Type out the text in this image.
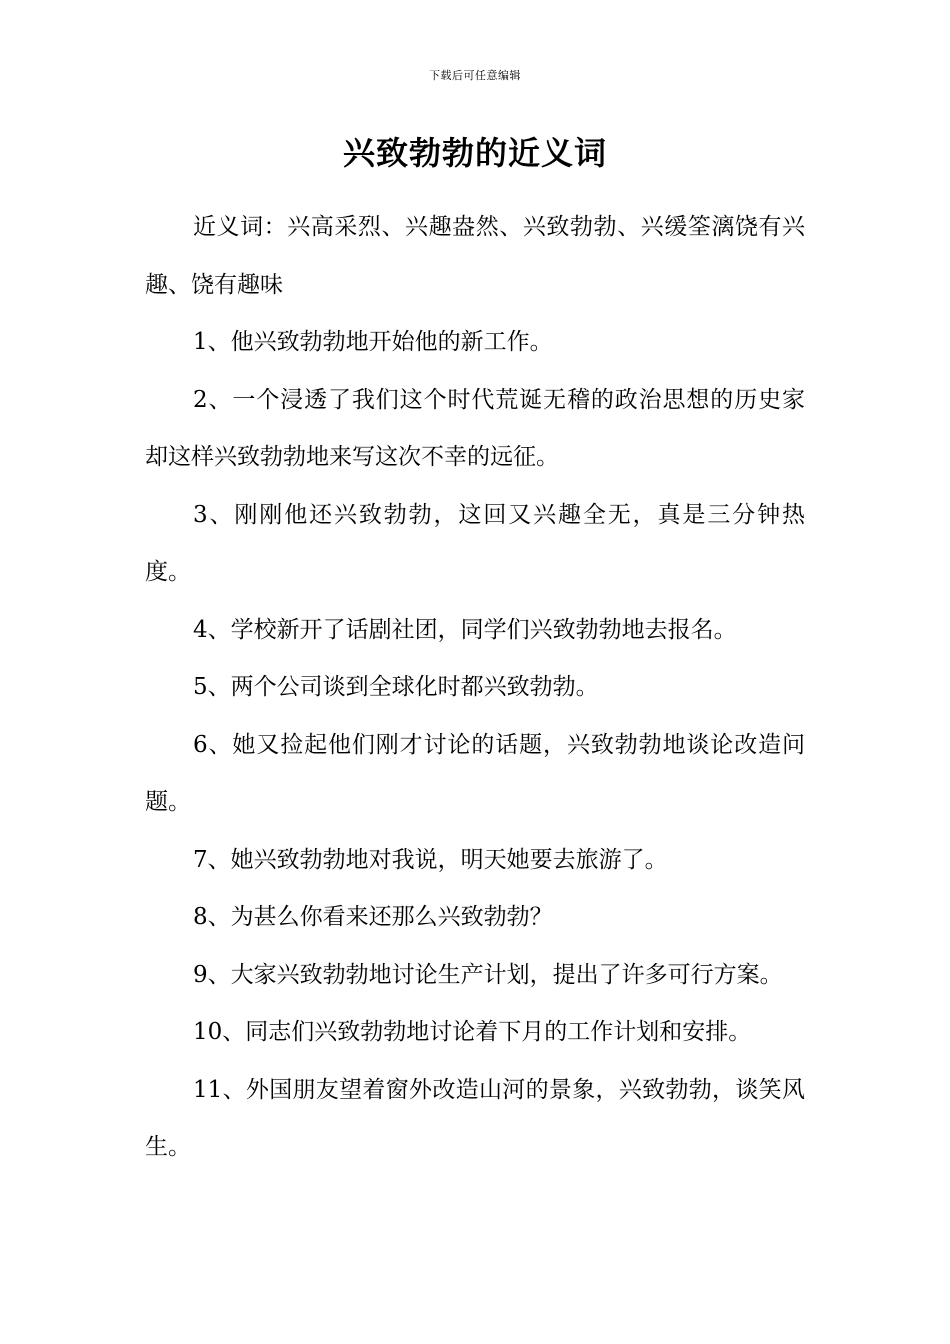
下载后可任意编辑
兴致勃勃的近义词

近义词：兴高采烈、兴趣盎然、兴致勃勃、兴缓筌漓饶有兴趣、饶有趣味

1、他兴致勃勃地开始他的新工作。

2、一个浸透了我们这个时代荒诞无稽的政治思想的历史家却这样兴致勃勃地来写这次不幸的远征。

3、刚刚他还兴致勃勃，这回又兴趣全无，真是三分钟热度。

4、学校新开了话剧社团，同学们兴致勃勃地去报名。

5、两个公司谈到全球化时都兴致勃勃。

6、她又捡起他们刚才讨论的话题，兴致勃勃地谈论改造问题。

7、她兴致勃勃地对我说，明天她要去旅游了。

8、为甚么你看来还那么兴致勃勃？

9、大家兴致勃勃地讨论生产计划，提出了许多可行方案。

10、同志们兴致勃勃地讨论着下月的工作计划和安排。

11、外国朋友望着窗外改造山河的景象，兴致勃勃，谈笑风生。
